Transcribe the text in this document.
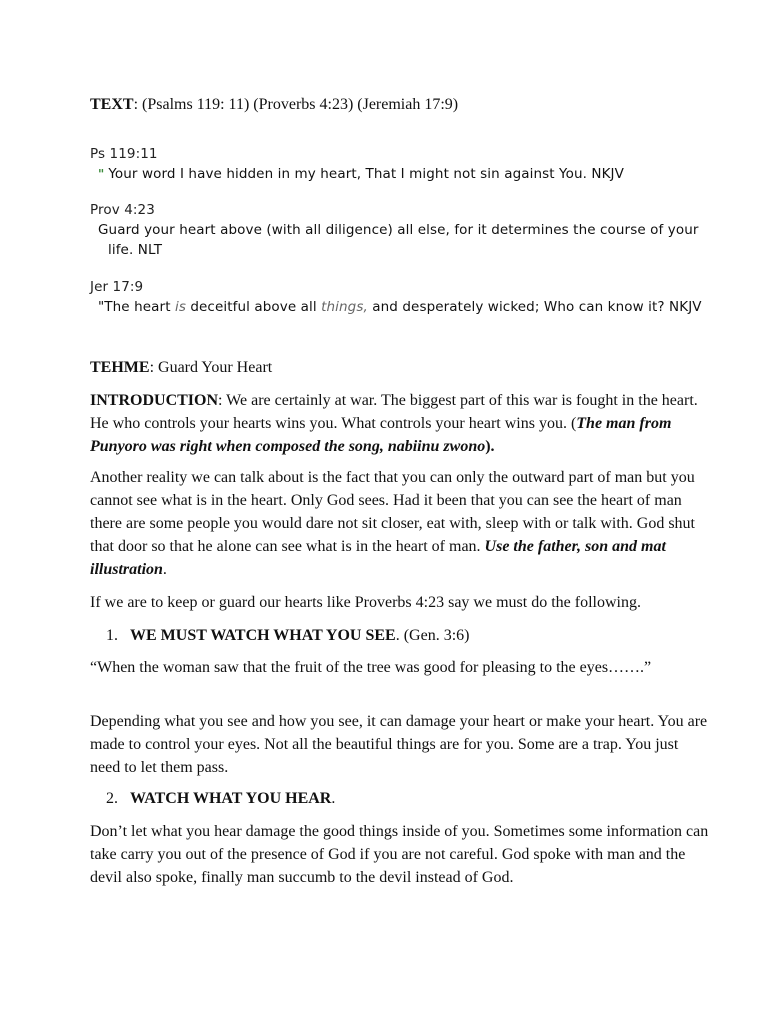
TEXT: (Psalms 119: 11) (Proverbs 4:23) (Jeremiah 17:9)

Ps 119:11

" Your word I have hidden in my heart, That I might not sin against You. NKJV

Prov 4:23

Guard your heart above (with all diligence) all else, for it determines the course of your life. NLT

Jer 17:9

"The heart is deceitful above all things, and desperately wicked; Who can know it? NKJV

TEHME: Guard Your Heart

INTRODUCTION: We are certainly at war. The biggest part of this war is fought in the heart. He who controls your hearts wins you. What controls your heart wins you. (The man from Punyoro was right when composed the song, nabiinu zwono).

Another reality we can talk about is the fact that you can only the outward part of man but you cannot see what is in the heart. Only God sees. Had it been that you can see the heart of man there are some people you would dare not sit closer, eat with, sleep with or talk with. God shut that door so that he alone can see what is in the heart of man. Use the father, son and mat illustration.

If we are to keep or guard our hearts like Proverbs 4:23 say we must do the following.

1. WE MUST WATCH WHAT YOU SEE. (Gen. 3:6)

“When the woman saw that the fruit of the tree was good for pleasing to the eyes…….”

Depending what you see and how you see, it can damage your heart or make your heart. You are made to control your eyes. Not all the beautiful things are for you. Some are a trap. You just need to let them pass.

2. WATCH WHAT YOU HEAR.

Don’t let what you hear damage the good things inside of you. Sometimes some information can take carry you out of the presence of God if you are not careful. God spoke with man and the devil also spoke, finally man succumb to the devil instead of God.
